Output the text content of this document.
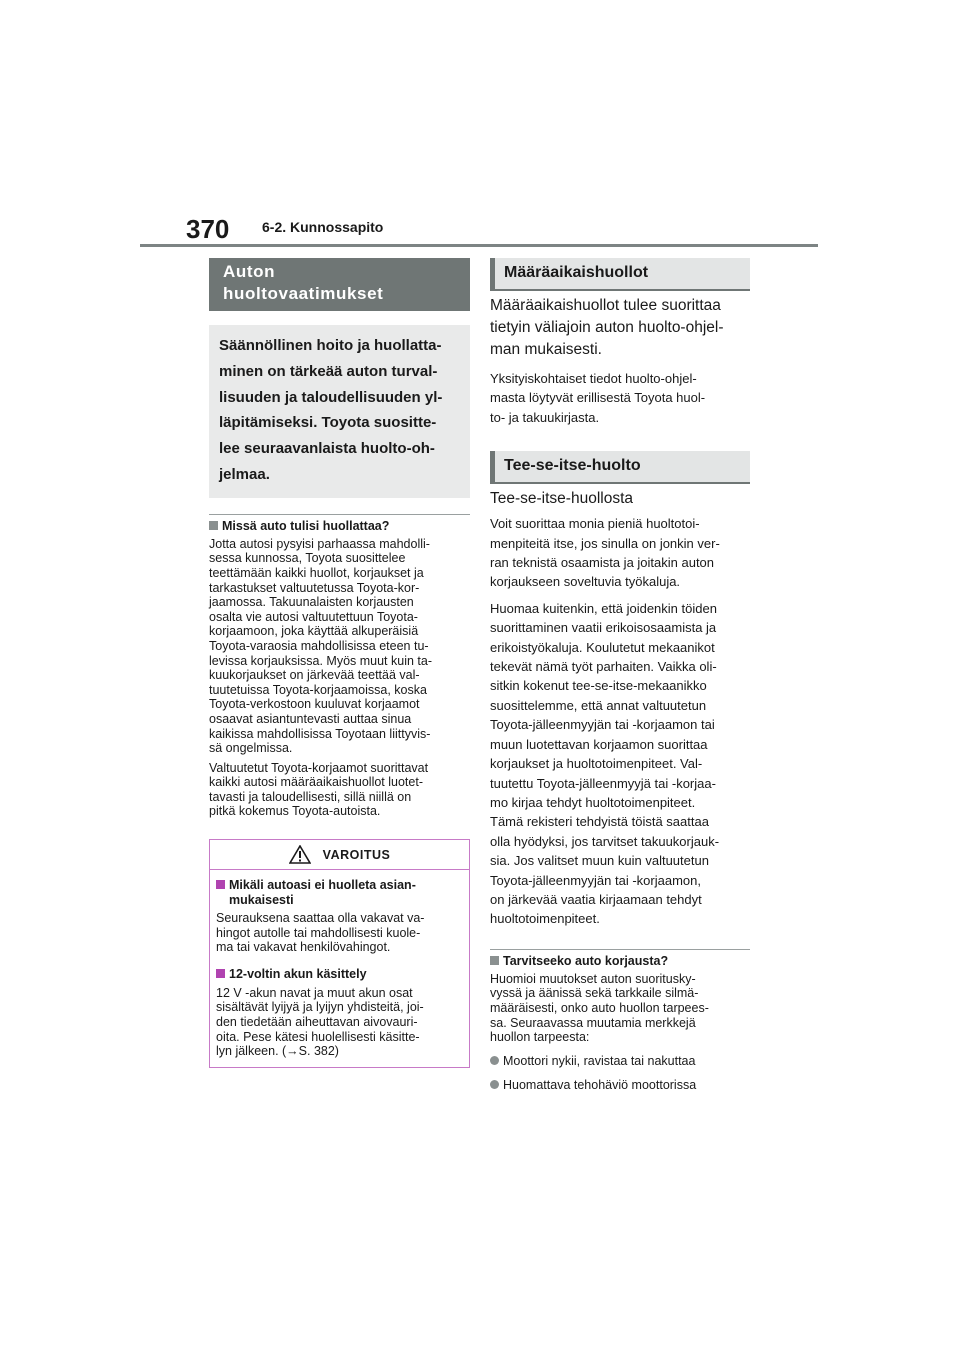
370 6-2. Kunnossapito
Auton
huoltovaatimukset
Säännöllinen hoito ja huollatta-
minen on tärkeää auton turval-
lisuuden ja taloudellisuuden yl-
läpitämiseksi. Toyota suositte-
lee seuraavanlaista huolto-oh-
jelmaa.
Missä auto tulisi huollattaa?
Jotta autosi pysyisi parhaassa mahdolli-
sessa kunnossa, Toyota suosittelee
teettämään kaikki huollot, korjaukset ja
tarkastukset valtuutetussa Toyota-kor-
jaamossa. Takuunalaisten korjausten
osalta vie autosi valtuutettuun Toyota-
korjaamoon, joka käyttää alkuperäisiä
Toyota-varaosia mahdollisissa eteen tu-
levissa korjauksissa. Myös muut kuin ta-
kuukorjaukset on järkevää teettää val-
tuutetuissa Toyota-korjaamoissa, koska
Toyota-verkostoon kuuluvat korjaamot
osaavat asiantuntevasti auttaa sinua
kaikissa mahdollisissa Toyotaan liittyvis-
sä ongelmissa.
Valtuutetut Toyota-korjaamot suorittavat
kaikki autosi määräaikaishuollot luotet-
tavasti ja taloudellisesti, sillä niillä on
pitkä kokemus Toyota-autoista.
VAROITUS
Mikäli autoasi ei huolleta asian-
mukaisesti
Seurauksena saattaa olla vakavat va-
hingot autolle tai mahdollisesti kuole-
ma tai vakavat henkilövahingot.
12-voltin akun käsittely
12 V -akun navat ja muut akun osat
sisältävät lyijyä ja lyijyn yhdisteitä, joi-
den tiedetään aiheuttavan aivovauri-
oita. Pese kätesi huolellisesti käsitte-
lyn jälkeen. (→S. 382)
Määräaikaishuollot
Määräaikaishuollot tulee suorittaa
tietyin väliajoin auton huolto-ohjel-
man mukaisesti.
Yksityiskohtaiset tiedot huolto-ohjel-
masta löytyvät erillisestä Toyota huol-
to- ja takuukirjasta.
Tee-se-itse-huolto
Tee-se-itse-huollosta
Voit suorittaa monia pieniä huoltotoi-
menpiteitä itse, jos sinulla on jonkin ver-
ran teknistä osaamista ja joitakin auton
korjaukseen soveltuvia työkaluja.
Huomaa kuitenkin, että joidenkin töiden
suorittaminen vaatii erikoisosaamista ja
erikoistyökaluja. Koulutetut mekaanikot
tekevät nämä työt parhaiten. Vaikka oli-
sitkin kokenut tee-se-itse-mekaanikko
suosittelemme, että annat valtuutetun
Toyota-jälleenmyyjän tai -korjaamon tai
muun luotettavan korjaamon suorittaa
korjaukset ja huoltotoimenpiteet. Val-
tuutettu Toyota-jälleenmyyjä tai -korjaa-
mo kirjaa tehdyt huoltotoimenpiteet.
Tämä rekisteri tehdyistä töistä saattaa
olla hyödyksi, jos tarvitset takuukorjauk-
sia. Jos valitset muun kuin valtuutetun
Toyota-jälleenmyyjän tai -korjaamon,
on järkevää vaatia kirjaamaan tehdyt
huoltotoimenpiteet.
Tarvitseeko auto korjausta?
Huomioi muutokset auton suoritusky-
vyssä ja äänissä sekä tarkkaile silmä-
määräisesti, onko auto huollon tarpees-
sa. Seuraavassa muutamia merkkejä
huollon tarpeesta:
Moottori nykii, ravistaa tai nakuttaa
Huomattava tehohäviö moottorissa
